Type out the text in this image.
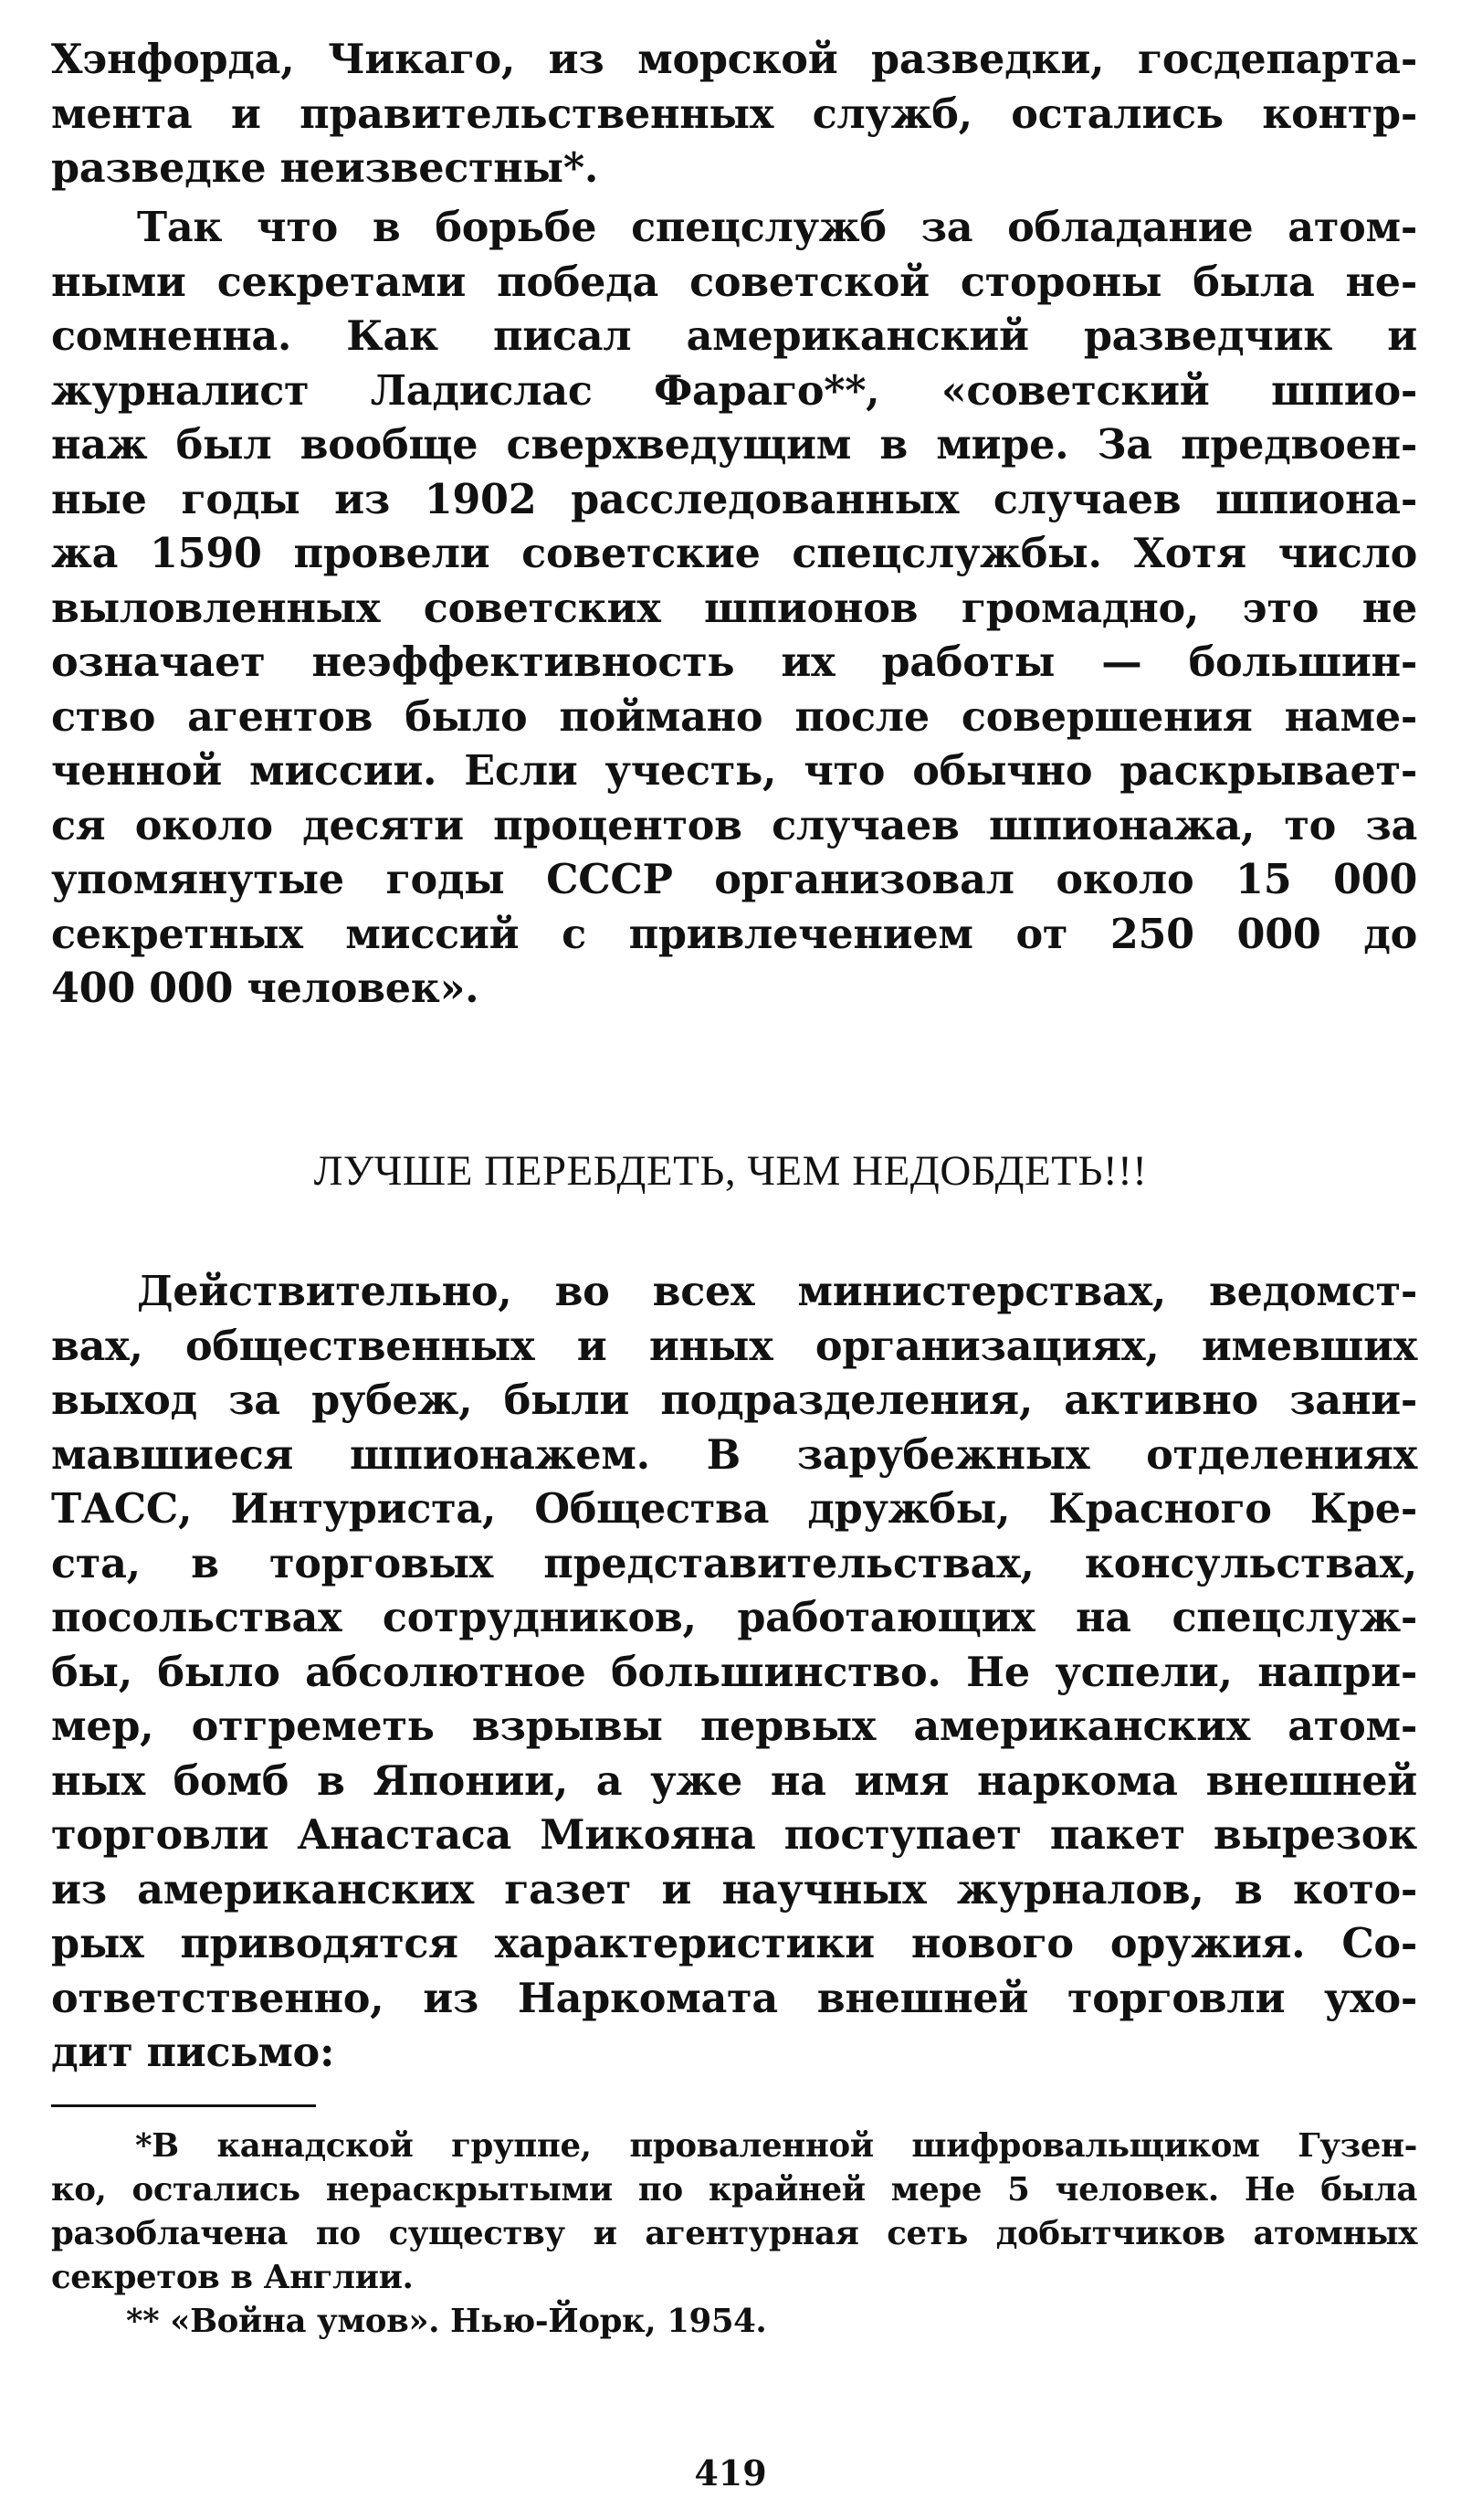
Хэнфорда, Чикаго, из морской разведки, госдепарта-
мента и правительственных служб, остались контр-
разведке неизвестны*.
Так что в борьбе спецслужб за обладание атом-
ными секретами победа советской стороны была не-
сомненна. Как писал американский разведчик и
журналист Ладислас Фараго**, «советский шпио-
наж был вообще сверхведущим в мире. За предвоен-
ные годы из 1902 расследованных случаев шпиона-
жа 1590 провели советские спецслужбы. Хотя число
выловленных советских шпионов громадно, это не
означает неэффективность их работы — большин-
ство агентов было поймано после совершения наме-
ченной миссии. Если учесть, что обычно раскрывает-
ся около десяти процентов случаев шпионажа, то за
упомянутые годы СССР организовал около 15 000
секретных миссий с привлечением от 250 000 до
400 000 человек».
ЛУЧШЕ ПЕРЕБДЕТЬ, ЧЕМ НЕДОБДЕТЬ!!!
Действительно, во всех министерствах, ведомст-
вах, общественных и иных организациях, имевших
выход за рубеж, были подразделения, активно зани-
мавшиеся шпионажем. В зарубежных отделениях
ТАСС, Интуриста, Общества дружбы, Красного Кре-
ста, в торговых представительствах, консульствах,
посольствах сотрудников, работающих на спецслуж-
бы, было абсолютное большинство. Не успели, напри-
мер, отгреметь взрывы первых американских атом-
ных бомб в Японии, а уже на имя наркома внешней
торговли Анастаса Микояна поступает пакет вырезок
из американских газет и научных журналов, в кото-
рых приводятся характеристики нового оружия. Со-
ответственно, из Наркомата внешней торговли ухо-
дит письмо:
*В канадской группе, проваленной шифровальщиком Гузен-
ко, остались нераскрытыми по крайней мере 5 человек. Не была
разоблачена по существу и агентурная сеть добытчиков атомных
секретов в Англии.
** «Война умов». Нью-Йорк, 1954.
419
